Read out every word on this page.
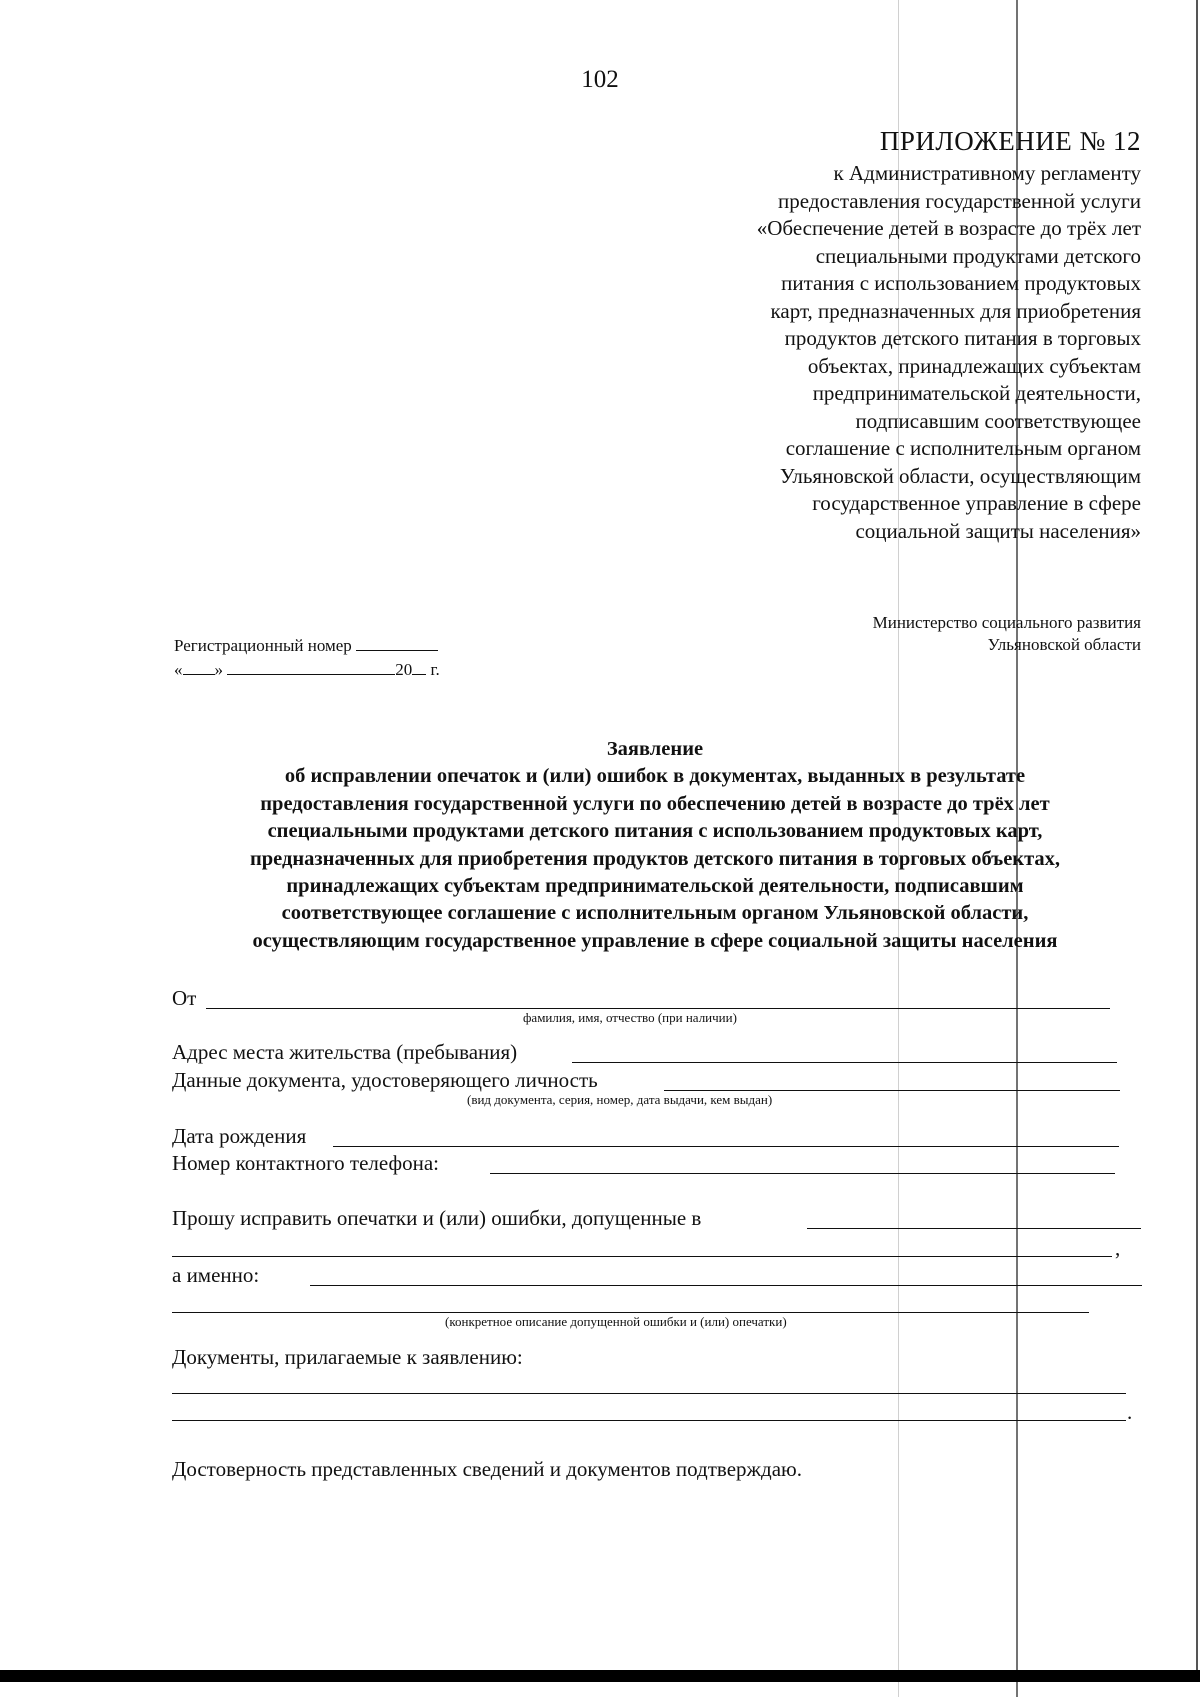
102
ПРИЛОЖЕНИЕ № 12
к Административному регламенту
предоставления государственной услуги
«Обеспечение детей в возрасте до трёх лет
специальными продуктами детского
питания с использованием продуктовых
карт, предназначенных для приобретения
продуктов детского питания в торговых
объектах, принадлежащих субъектам
предпринимательской деятельности,
подписавшим соответствующее
соглашение с исполнительным органом
Ульяновской области, осуществляющим
государственное управление в сфере
социальной защиты населения»
Министерство социального развития
Ульяновской области
Регистрационный номер
« »	20 г.
Заявление
об исправлении опечаток и (или) ошибок в документах, выданных в результате
предоставления государственной услуги по обеспечению детей в возрасте до трёх лет
специальными продуктами детского питания с использованием продуктовых карт,
предназначенных для приобретения продуктов детского питания в торговых объектах,
принадлежащих субъектам предпринимательской деятельности, подписавшим
соответствующее соглашение с исполнительным органом Ульяновской области,
осуществляющим государственное управление в сфере социальной защиты населения
От
фамилия, имя, отчество (при наличии)
Адрес места жительства (пребывания)
Данные документа, удостоверяющего личность
(вид документа, серия, номер, дата выдачи, кем выдан)
Дата рождения
Номер контактного телефона:
Прошу исправить опечатки и (или) ошибки, допущенные в
,
а именно:
(конкретное описание допущенной ошибки и (или) опечатки)
Документы, прилагаемые к заявлению:
.
Достоверность представленных сведений и документов подтверждаю.
